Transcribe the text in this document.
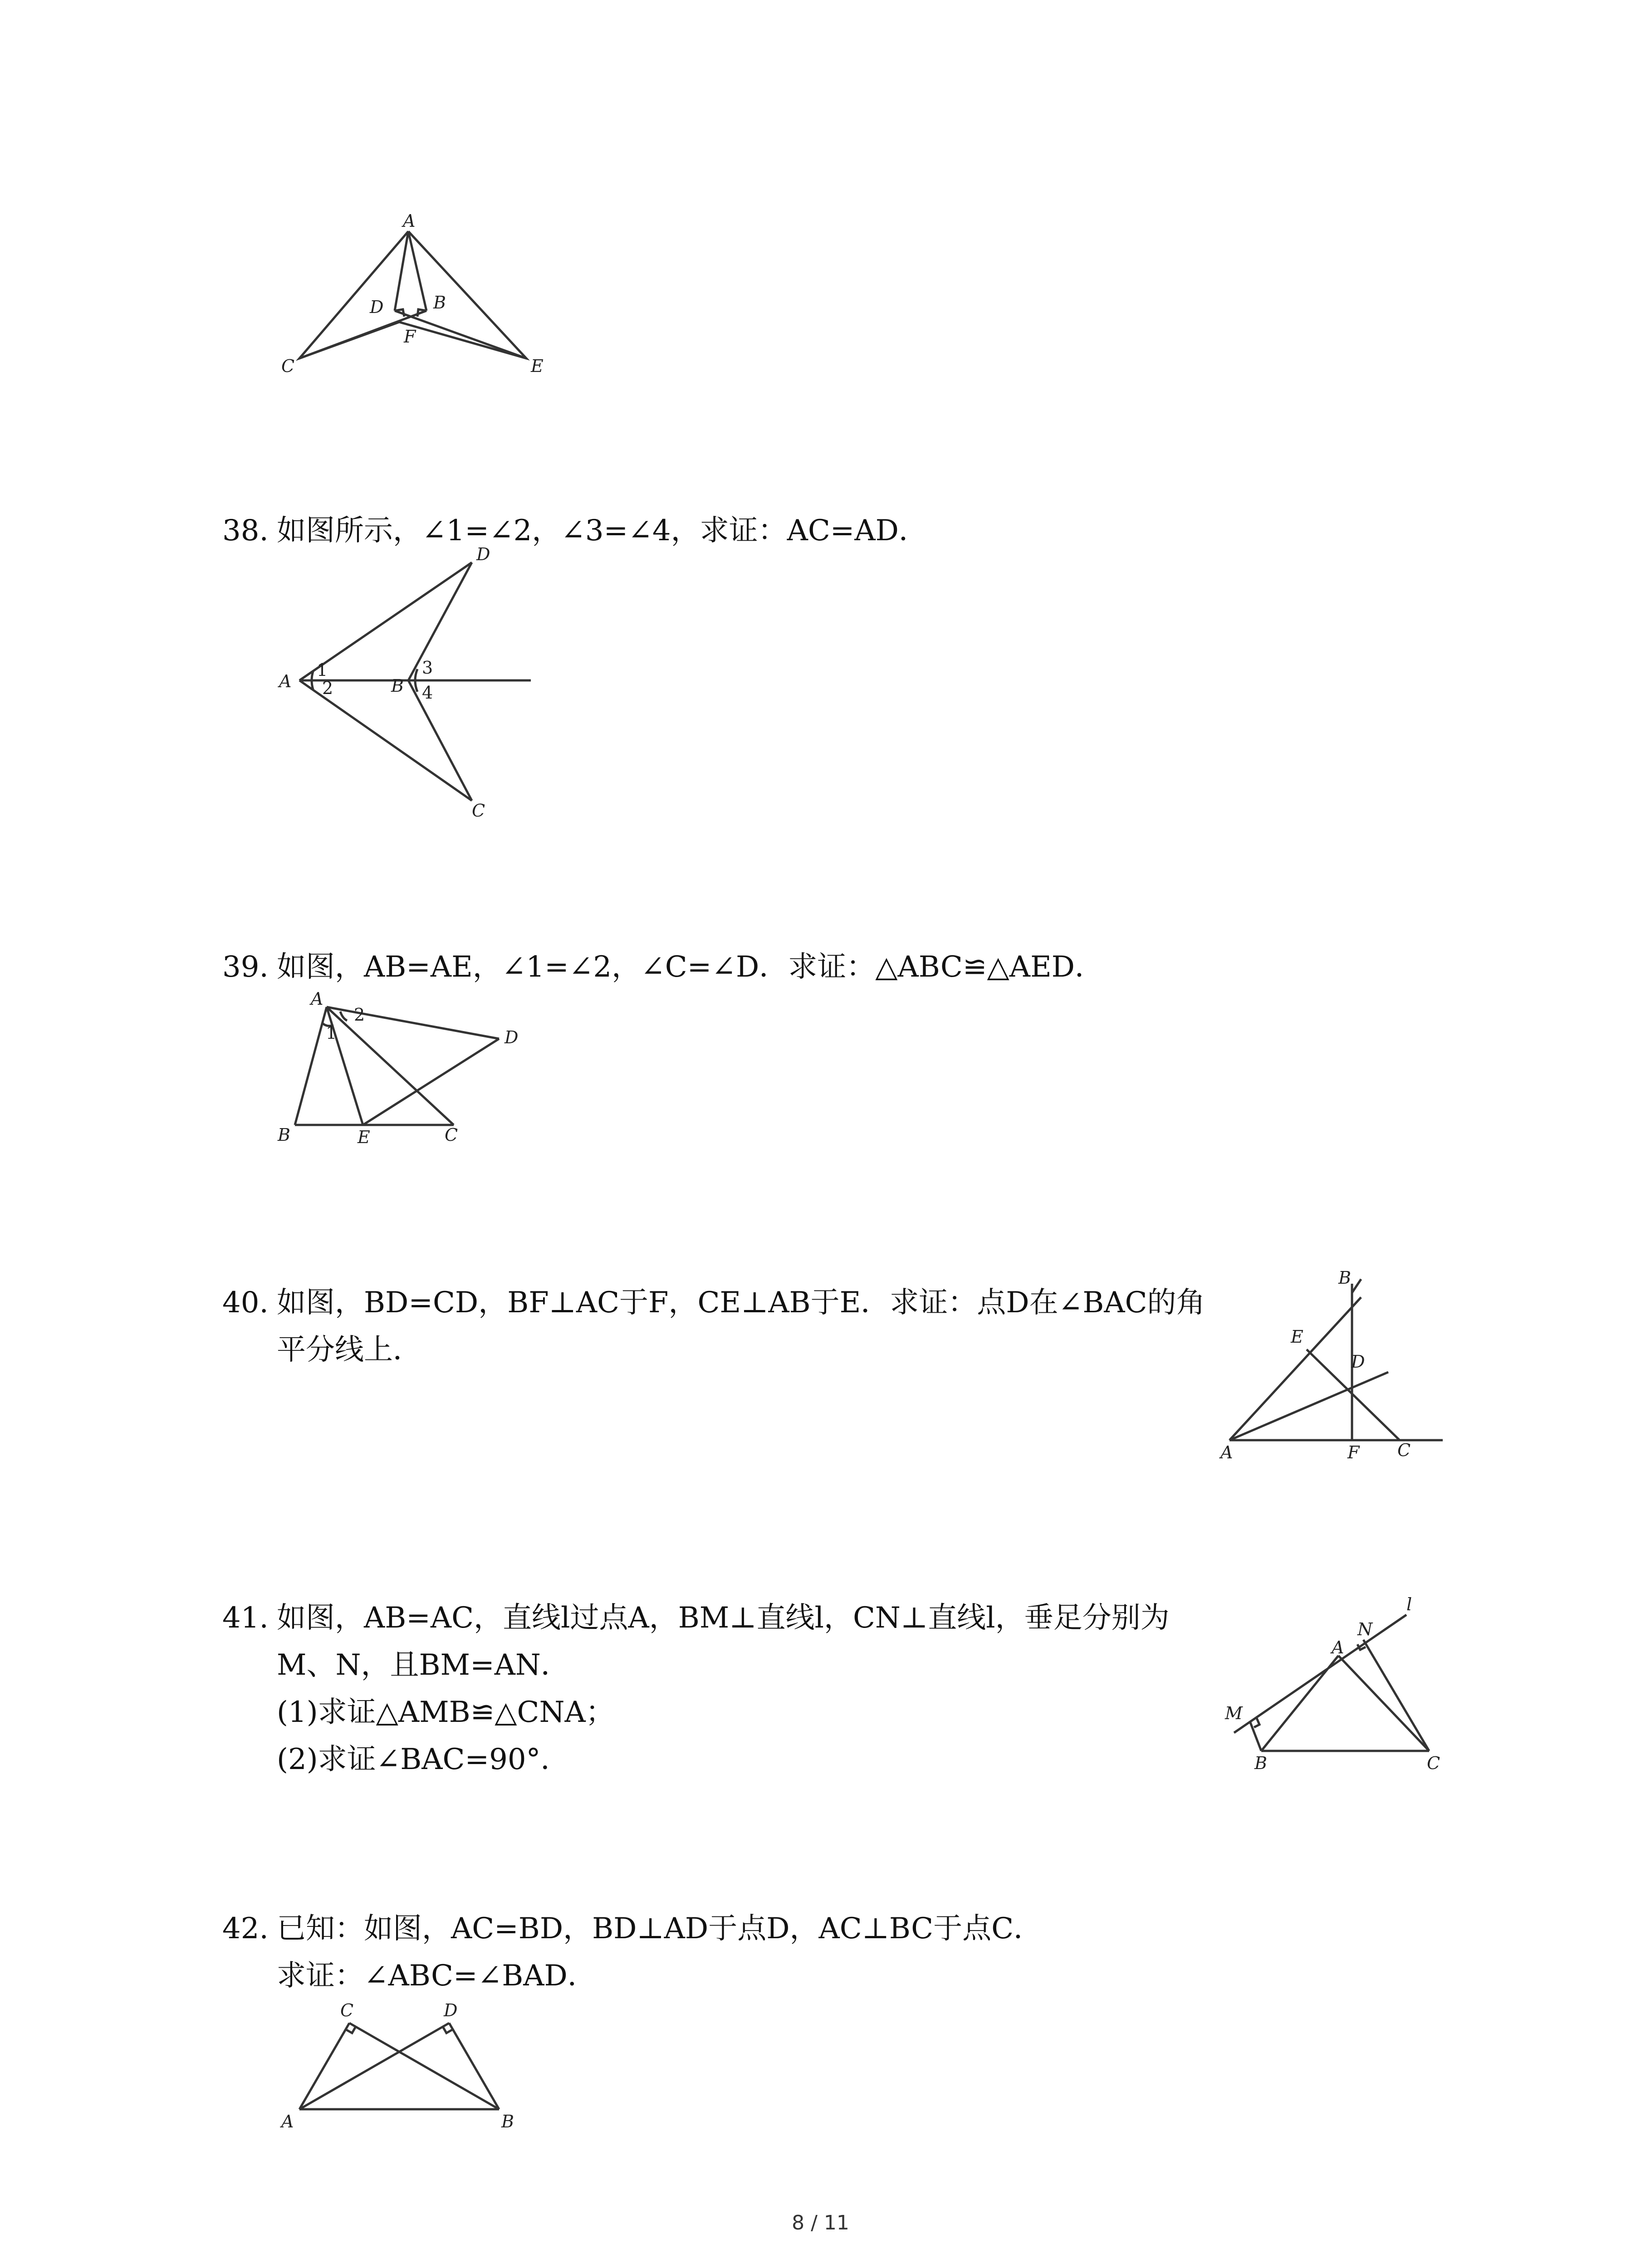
A
D	B
F
C	E
38. 如图所示，∠1=∠2，∠3=∠4，求证：AC=AD．
A	B
D
C
1
2
3
4
39. 如图，AB=AE，∠1=∠2，∠C=∠D．求证：△ABC≌△AED．
A
1
2
D
B	E	C
40. 如图，BD=CD，BF⊥AC于F，CE⊥AB于E．求证：点D在∠BAC的角
平分线上．
B
E
D
A	F C
41. 如图，AB=AC，直线l过点A，BM⊥直线l，CN⊥直线l，垂足分别为
M、N，且BM=AN．
(1)求证△AMB≌△CNA；
(2)求证∠BAC=90°．
l
N
A
M
B	C
42. 已知：如图，AC=BD，BD⊥AD于点D，AC⊥BC于点C．
求证：∠ABC=∠BAD．
C	D
A	B
8 / 11
